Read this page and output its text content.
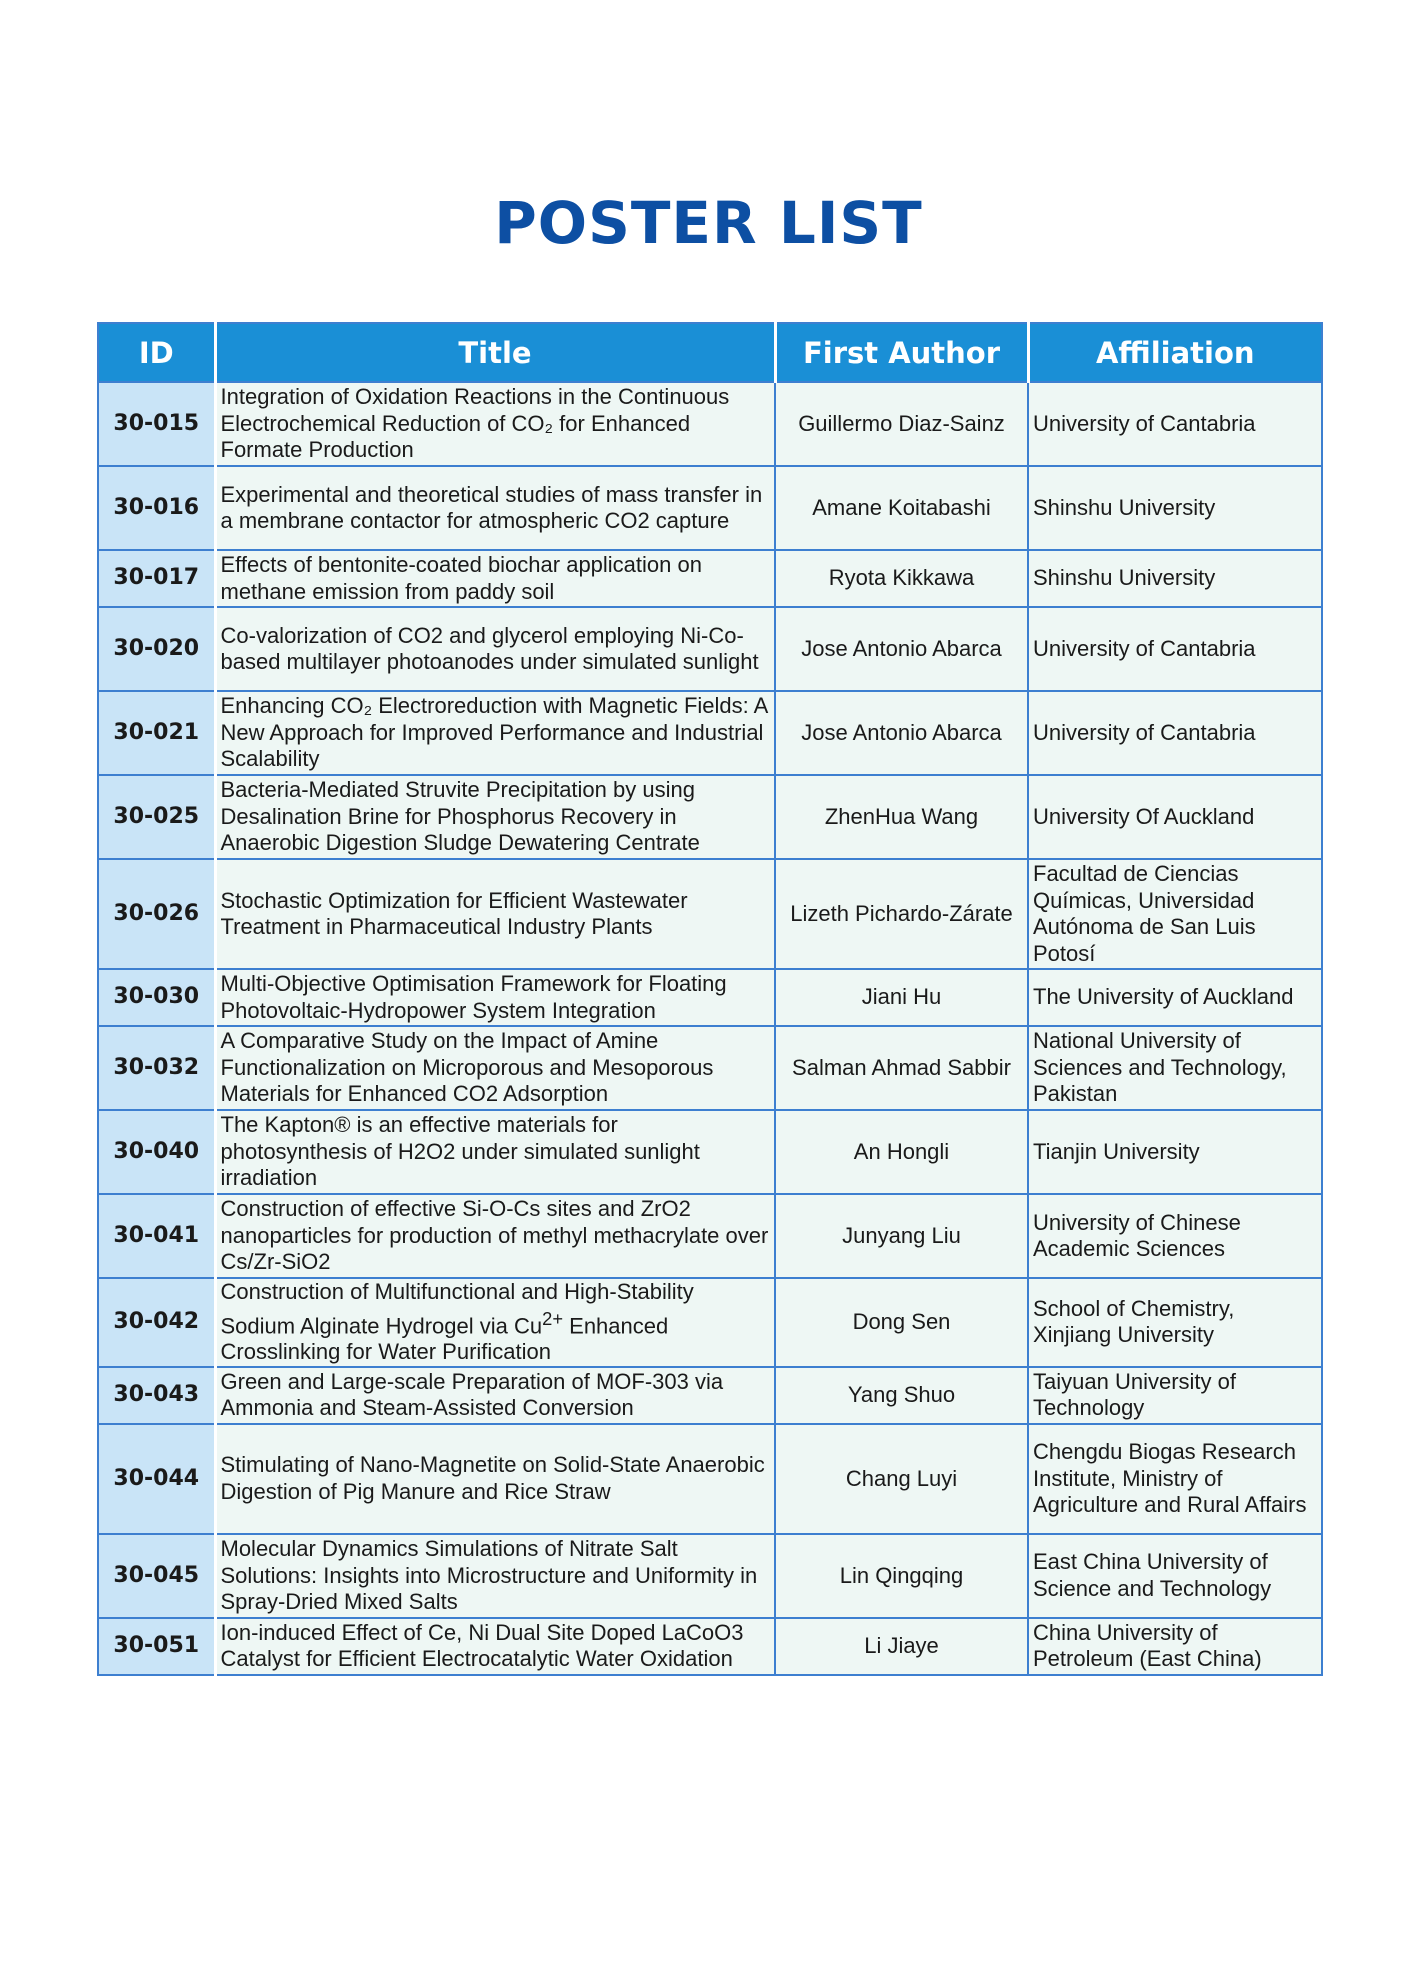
POSTER LIST
ID	Title	First Author	Affiliation
30-015	Integration of Oxidation Reactions in the Continuous Electrochemical Reduction of CO₂ for Enhanced Formate Production	Guillermo Diaz-Sainz	University of Cantabria
30-016	Experimental and theoretical studies of mass transfer in a membrane contactor for atmospheric CO2 capture	Amane Koitabashi	Shinshu University
30-017	Effects of bentonite-coated biochar application on methane emission from paddy soil	Ryota Kikkawa	Shinshu University
30-020	Co-valorization of CO2 and glycerol employing Ni-Co-based multilayer photoanodes under simulated sunlight	Jose Antonio Abarca	University of Cantabria
30-021	Enhancing CO₂ Electroreduction with Magnetic Fields: A New Approach for Improved Performance and Industrial Scalability	Jose Antonio Abarca	University of Cantabria
30-025	Bacteria-Mediated Struvite Precipitation by using Desalination Brine for Phosphorus Recovery in Anaerobic Digestion Sludge Dewatering Centrate	ZhenHua Wang	University Of Auckland
30-026	Stochastic Optimization for Efficient Wastewater Treatment in Pharmaceutical Industry Plants	Lizeth Pichardo-Zárate	Facultad de Ciencias Químicas, Universidad Autónoma de San Luis Potosí
30-030	Multi-Objective Optimisation Framework for Floating Photovoltaic-Hydropower System Integration	Jiani Hu	The University of Auckland
30-032	A Comparative Study on the Impact of Amine Functionalization on Microporous and Mesoporous Materials for Enhanced CO2 Adsorption	Salman Ahmad Sabbir	National University of Sciences and Technology, Pakistan
30-040	The Kapton® is an effective materials for photosynthesis of H2O2 under simulated sunlight irradiation	An Hongli	Tianjin University
30-041	Construction of effective Si-O-Cs sites and ZrO2 nanoparticles for production of methyl methacrylate over Cs/Zr-SiO2	Junyang Liu	University of Chinese Academic Sciences
30-042	Construction of Multifunctional and High-Stability Sodium Alginate Hydrogel via $Cu^{2+}$ Enhanced Crosslinking for Water Purification	Dong Sen	School of Chemistry, Xinjiang University
30-043	Green and Large-scale Preparation of MOF-303 via Ammonia and Steam-Assisted Conversion	Yang Shuo	Taiyuan University of Technology
30-044	Stimulating of Nano-Magnetite on Solid-State Anaerobic Digestion of Pig Manure and Rice Straw	Chang Luyi	Chengdu Biogas Research Institute, Ministry of Agriculture and Rural Affairs
30-045	Molecular Dynamics Simulations of Nitrate Salt Solutions: Insights into Microstructure and Uniformity in Spray-Dried Mixed Salts	Lin Qingqing	East China University of Science and Technology
30-051	Ion-induced Effect of Ce, Ni Dual Site Doped LaCoO3 Catalyst for Efficient Electrocatalytic Water Oxidation	Li Jiaye	China University of Petroleum (East China)
